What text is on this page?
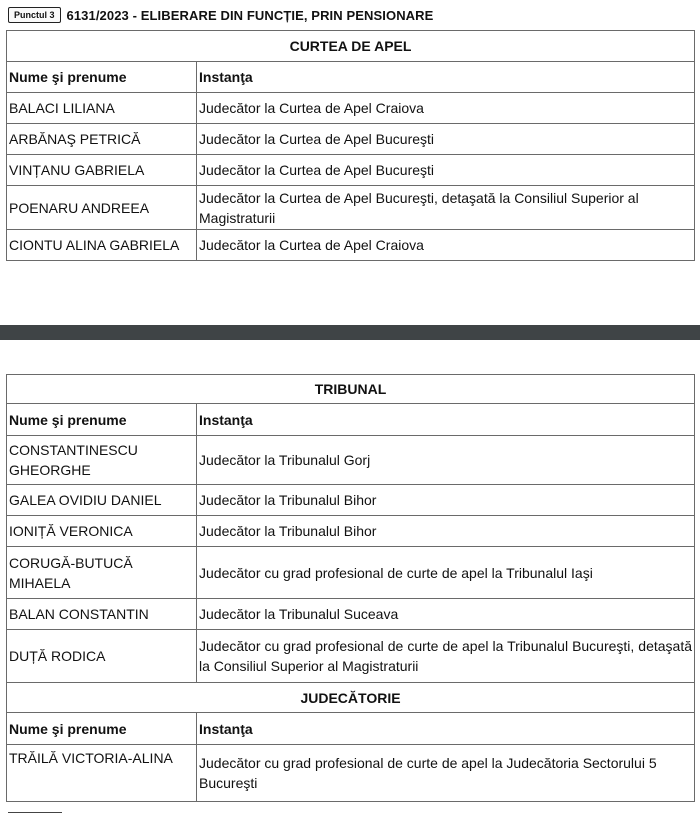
Punctul 3 6131/2023 - ELIBERARE DIN FUNCȚIE, PRIN PENSIONARE
CURTEA DE APEL	
Nume şi prenume	Instanţa
BALACI LILIANA	Judecător la Curtea de Apel Craiova
ARBĂNAŞ PETRICĂ	Judecător la Curtea de Apel Bucureşti
VINȚANU GABRIELA	Judecător la Curtea de Apel Bucureşti
POENARU ANDREEA	Judecător la Curtea de Apel Bucureşti, detaşată la Consiliul Superior al Magistraturii
CIONTU ALINA GABRIELA	Judecător la Curtea de Apel Craiova
TRIBUNAL	
Nume şi prenume	Instanţa
CONSTANTINESCU GHEORGHE	Judecător la Tribunalul Gorj
GALEA OVIDIU DANIEL	Judecător la Tribunalul Bihor
IONIȚĂ VERONICA	Judecător la Tribunalul Bihor
CORUGĂ-BUTUCĂ MIHAELA	Judecător cu grad profesional de curte de apel la Tribunalul Iaşi
BALAN CONSTANTIN	Judecător la Tribunalul Suceava
DUȚĂ RODICA	Judecător cu grad profesional de curte de apel la Tribunalul Bucureşti, detaşată la Consiliul Superior al Magistraturii
JUDECĂTORIE	
Nume şi prenume	Instanţa
TRĂILĂ VICTORIA-ALINA	Judecător cu grad profesional de curte de apel la Judecătoria Sectorului 5 Bucureşti
